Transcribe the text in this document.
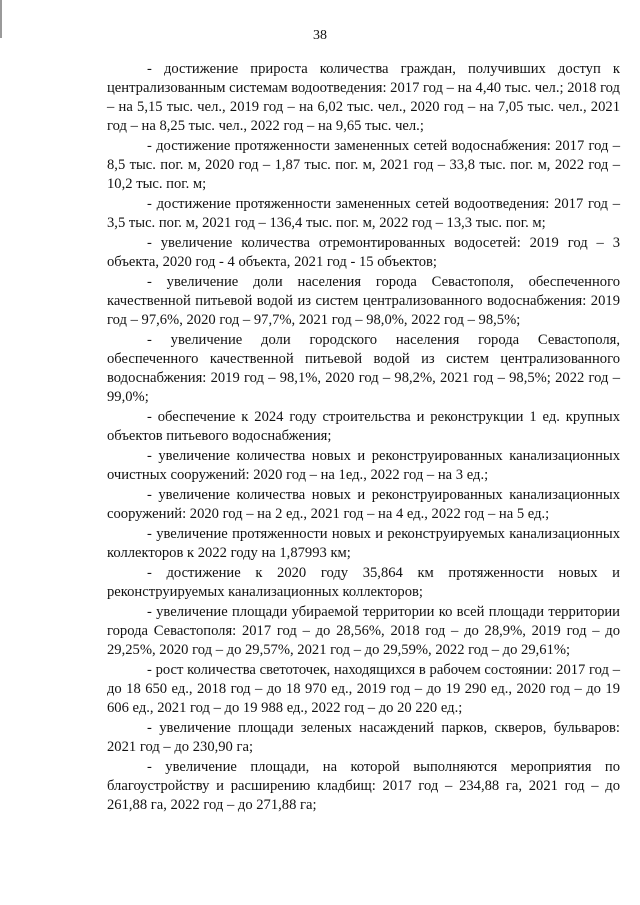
38

- достижение прироста количества граждан, получивших доступ к централизованным системам водоотведения: 2017 год – на 4,40 тыс. чел.; 2018 год – на 5,15 тыс. чел., 2019 год – на 6,02 тыс. чел., 2020 год – на 7,05 тыс. чел., 2021 год – на 8,25 тыс. чел., 2022 год – на 9,65 тыс. чел.;

- достижение протяженности замененных сетей водоснабжения: 2017 год – 8,5 тыс. пог. м, 2020 год – 1,87 тыс. пог. м, 2021 год – 33,8 тыс. пог. м, 2022 год – 10,2 тыс. пог. м;

- достижение протяженности замененных сетей водоотведения: 2017 год – 3,5 тыс. пог. м, 2021 год – 136,4 тыс. пог. м, 2022 год – 13,3 тыс. пог. м;

- увеличение количества отремонтированных водосетей: 2019 год – 3 объекта, 2020 год - 4 объекта, 2021 год - 15 объектов;

- увеличение доли населения города Севастополя, обеспеченного качественной питьевой водой из систем централизованного водоснабжения: 2019 год – 97,6%, 2020 год – 97,7%, 2021 год – 98,0%, 2022 год – 98,5%;

- увеличение доли городского населения города Севастополя, обеспеченного качественной питьевой водой из систем централизованного водоснабжения: 2019 год – 98,1%, 2020 год – 98,2%, 2021 год – 98,5%; 2022 год – 99,0%;

- обеспечение к 2024 году строительства и реконструкции 1 ед. крупных объектов питьевого водоснабжения;

- увеличение количества новых и реконструированных канализационных очистных сооружений: 2020 год – на 1ед., 2022 год – на 3 ед.;

- увеличение количества новых и реконструированных канализационных сооружений: 2020 год – на 2 ед., 2021 год – на 4 ед., 2022 год – на 5 ед.;

- увеличение протяженности новых и реконструируемых канализационных коллекторов к 2022 году на 1,87993 км;

- достижение к 2020 году 35,864 км протяженности новых и реконструируемых канализационных коллекторов;

- увеличение площади убираемой территории ко всей площади территории города Севастополя: 2017 год – до 28,56%, 2018 год – до 28,9%, 2019 год – до 29,25%, 2020 год – до 29,57%, 2021 год – до 29,59%, 2022 год – до 29,61%;

- рост количества светоточек, находящихся в рабочем состоянии: 2017 год – до 18 650 ед., 2018 год – до 18 970 ед., 2019 год – до 19 290 ед., 2020 год – до 19 606 ед., 2021 год – до 19 988 ед., 2022 год – до 20 220 ед.;

- увеличение площади зеленых насаждений парков, скверов, бульваров: 2021 год – до 230,90 га;

- увеличение площади, на которой выполняются мероприятия по благоустройству и расширению кладбищ: 2017 год – 234,88 га, 2021 год – до 261,88 га, 2022 год – до 271,88 га;
